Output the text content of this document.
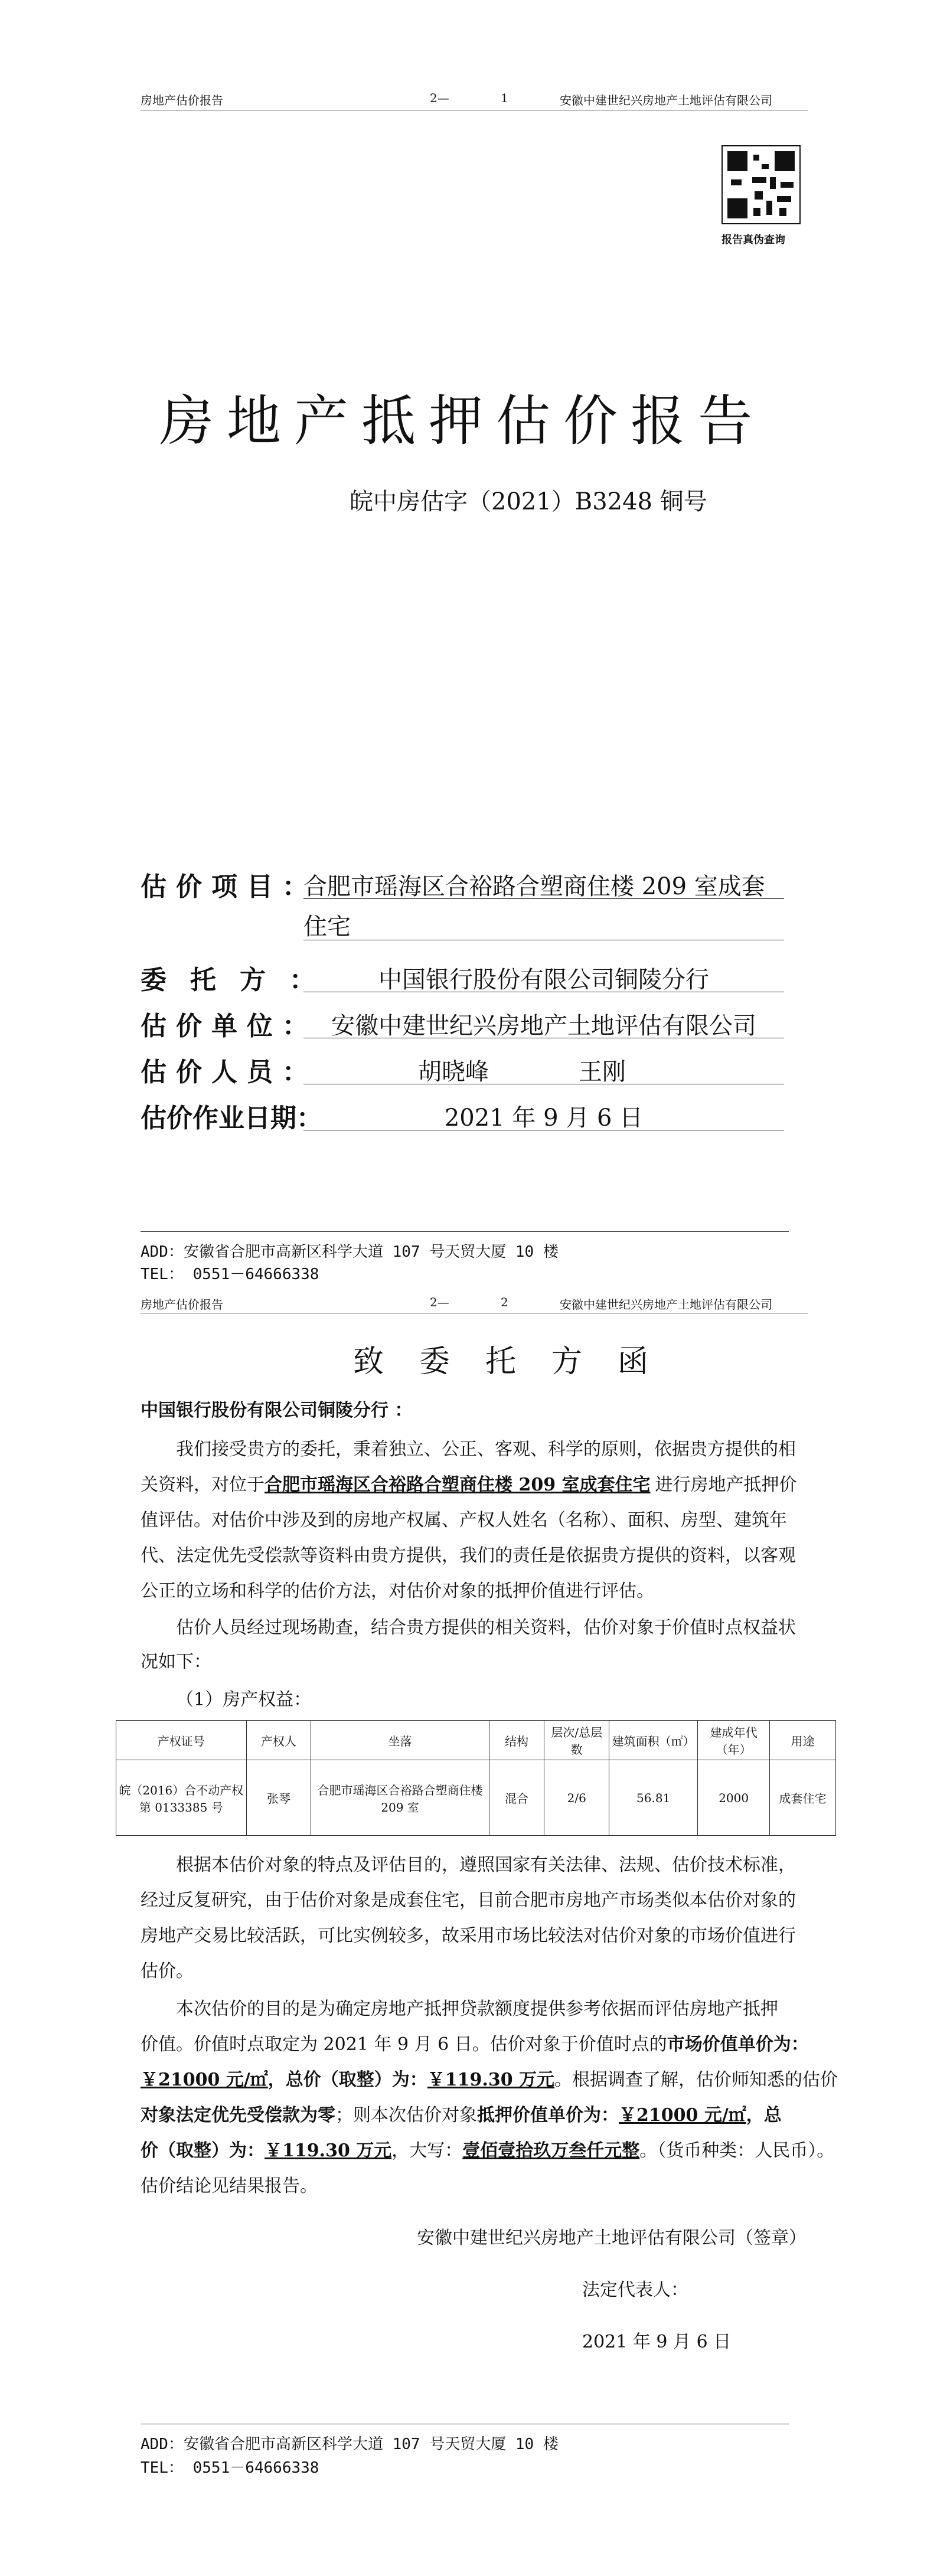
房地产估价报告	2—	1	安徽中建世纪兴房地产土地评估有限公司
报告真伪查询
房地产抵押估价报告
皖中房估字（2021）B3248 铜号
估价项目：
合肥市瑶海区合裕路合塑商住楼 209 室成套
住宅
委托方：	中国银行股份有限公司铜陵分行
估价单位： 安徽中建世纪兴房地产土地评估有限公司
估价人员：	胡晓峰	王刚
估价作业日期：	2021 年 9 月 6 日
ADD：安徽省合肥市高新区科学大道 107 号天贸大厦 10 楼
TEL： 0551－64666338
房地产估价报告	2—	2	安徽中建世纪兴房地产土地评估有限公司
致委托方函
中国银行股份有限公司铜陵分行 ：
我们接受贵方的委托，秉着独立、公正、客观、科学的原则，依据贵方提供的相
关资料，对位于合肥市瑶海区合裕路合塑商住楼 209 室成套住宅 进行房地产抵押价
值评估。对估价中涉及到的房地产权属、产权人姓名（名称）、面积、房型、建筑年
代、法定优先受偿款等资料由贵方提供，我们的责任是依据贵方提供的资料，以客观
公正的立场和科学的估价方法，对估价对象的抵押价值进行评估。
估价人员经过现场勘查，结合贵方提供的相关资料，估价对象于价值时点权益状
况如下：
（1）房产权益：
产权证号	产权人	坐落	结构	层次/总层数	建筑面积（㎡）	建成年代（年）	用途
皖（2016）合不动产权第 0133385 号	张琴	合肥市瑶海区合裕路合塑商住楼 209 室	混合	2/6	56.81	2000	成套住宅
根据本估价对象的特点及评估目的，遵照国家有关法律、法规、估价技术标准，
经过反复研究，由于估价对象是成套住宅，目前合肥市房地产市场类似本估价对象的
房地产交易比较活跃，可比实例较多，故采用市场比较法对估价对象的市场价值进行
估价。
本次估价的目的是为确定房地产抵押贷款额度提供参考依据而评估房地产抵押
价值。价值时点取定为 2021 年 9 月 6 日。估价对象于价值时点的市场价值单价为：
￥21000 元/㎡，总价（取整）为：￥119.30 万元。根据调查了解，估价师知悉的估价
对象法定优先受偿款为零；则本次估价对象抵押价值单价为：￥21000 元/㎡，总
价（取整）为：￥119.30 万元，大写：壹佰壹拾玖万叁仟元整。（货币种类：人民币）。
估价结论见结果报告。
安徽中建世纪兴房地产土地评估有限公司（签章）
法定代表人：
2021 年 9 月 6 日
ADD：安徽省合肥市高新区科学大道 107 号天贸大厦 10 楼
TEL： 0551－64666338
